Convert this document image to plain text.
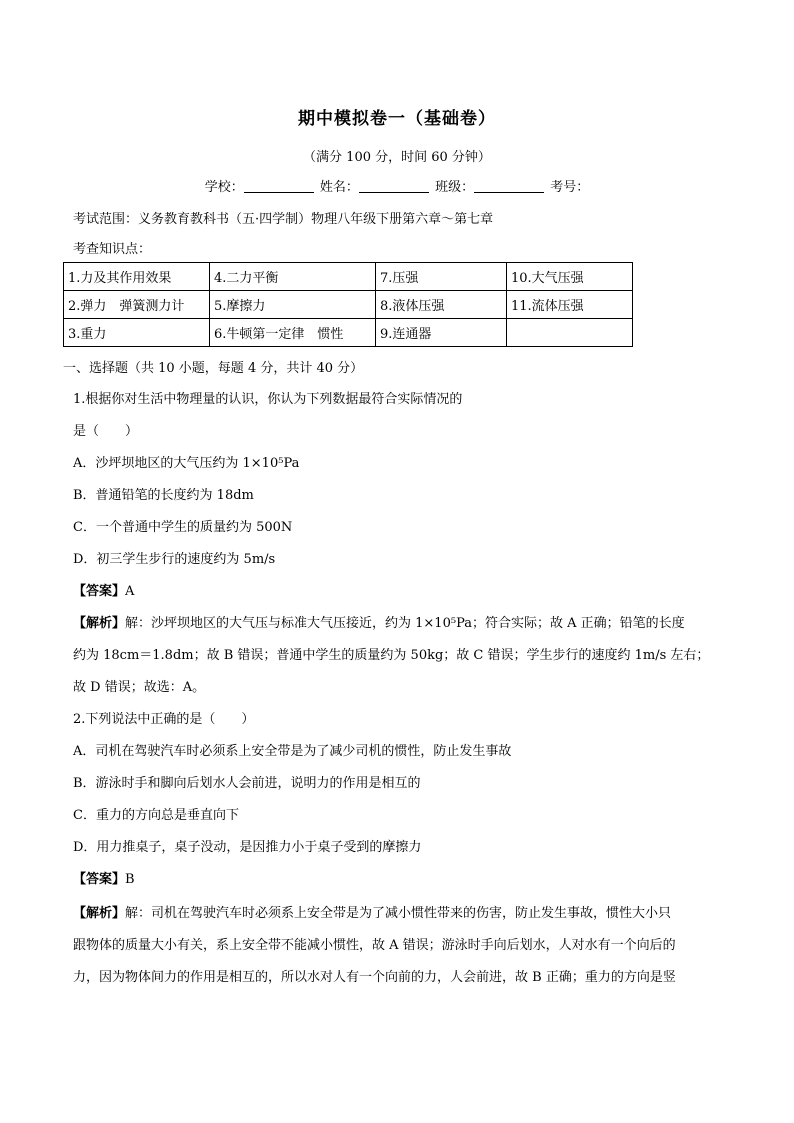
期中模拟卷一（基础卷）
（满分 100 分，时间 60 分钟）
学校：	姓名：	班级：	考号：
考试范围：义务教育教科书（五·四学制）物理八年级下册第六章～第七章
考查知识点：
1.力及其作用效果	4.二力平衡	7.压强	10.大气压强
2.弹力　弹簧测力计	5.摩擦力	8.液体压强	11.流体压强
3.重力	6.牛顿第一定律　惯性	9.连通器	
一、选择题（共 10 小题，每题 4 分，共计 40 分）
1.根据你对生活中物理量的认识，你认为下列数据最符合实际情况的
是（　　）
A．沙坪坝地区的大气压约为 1×10⁵Pa
B．普通铅笔的长度约为 18dm
C．一个普通中学生的质量约为 500N
D．初三学生步行的速度约为 5m/s
【答案】A
【解析】解：沙坪坝地区的大气压与标准大气压接近，约为 1×10⁵Pa；符合实际；故 A 正确；铅笔的长度
约为 18cm＝1.8dm；故 B 错误；普通中学生的质量约为 50kg；故 C 错误；学生步行的速度约 1m/s 左右；
故 D 错误；故选：A。
2.下列说法中正确的是（　　）
A．司机在驾驶汽车时必须系上安全带是为了减少司机的惯性，防止发生事故
B．游泳时手和脚向后划水人会前进，说明力的作用是相互的
C．重力的方向总是垂直向下
D．用力推桌子，桌子没动，是因推力小于桌子受到的摩擦力
【答案】B
【解析】解：司机在驾驶汽车时必须系上安全带是为了减小惯性带来的伤害，防止发生事故，惯性大小只
跟物体的质量大小有关，系上安全带不能减小惯性，故 A 错误；游泳时手向后划水，人对水有一个向后的
力，因为物体间力的作用是相互的，所以水对人有一个向前的力，人会前进，故 B 正确；重力的方向是竖
